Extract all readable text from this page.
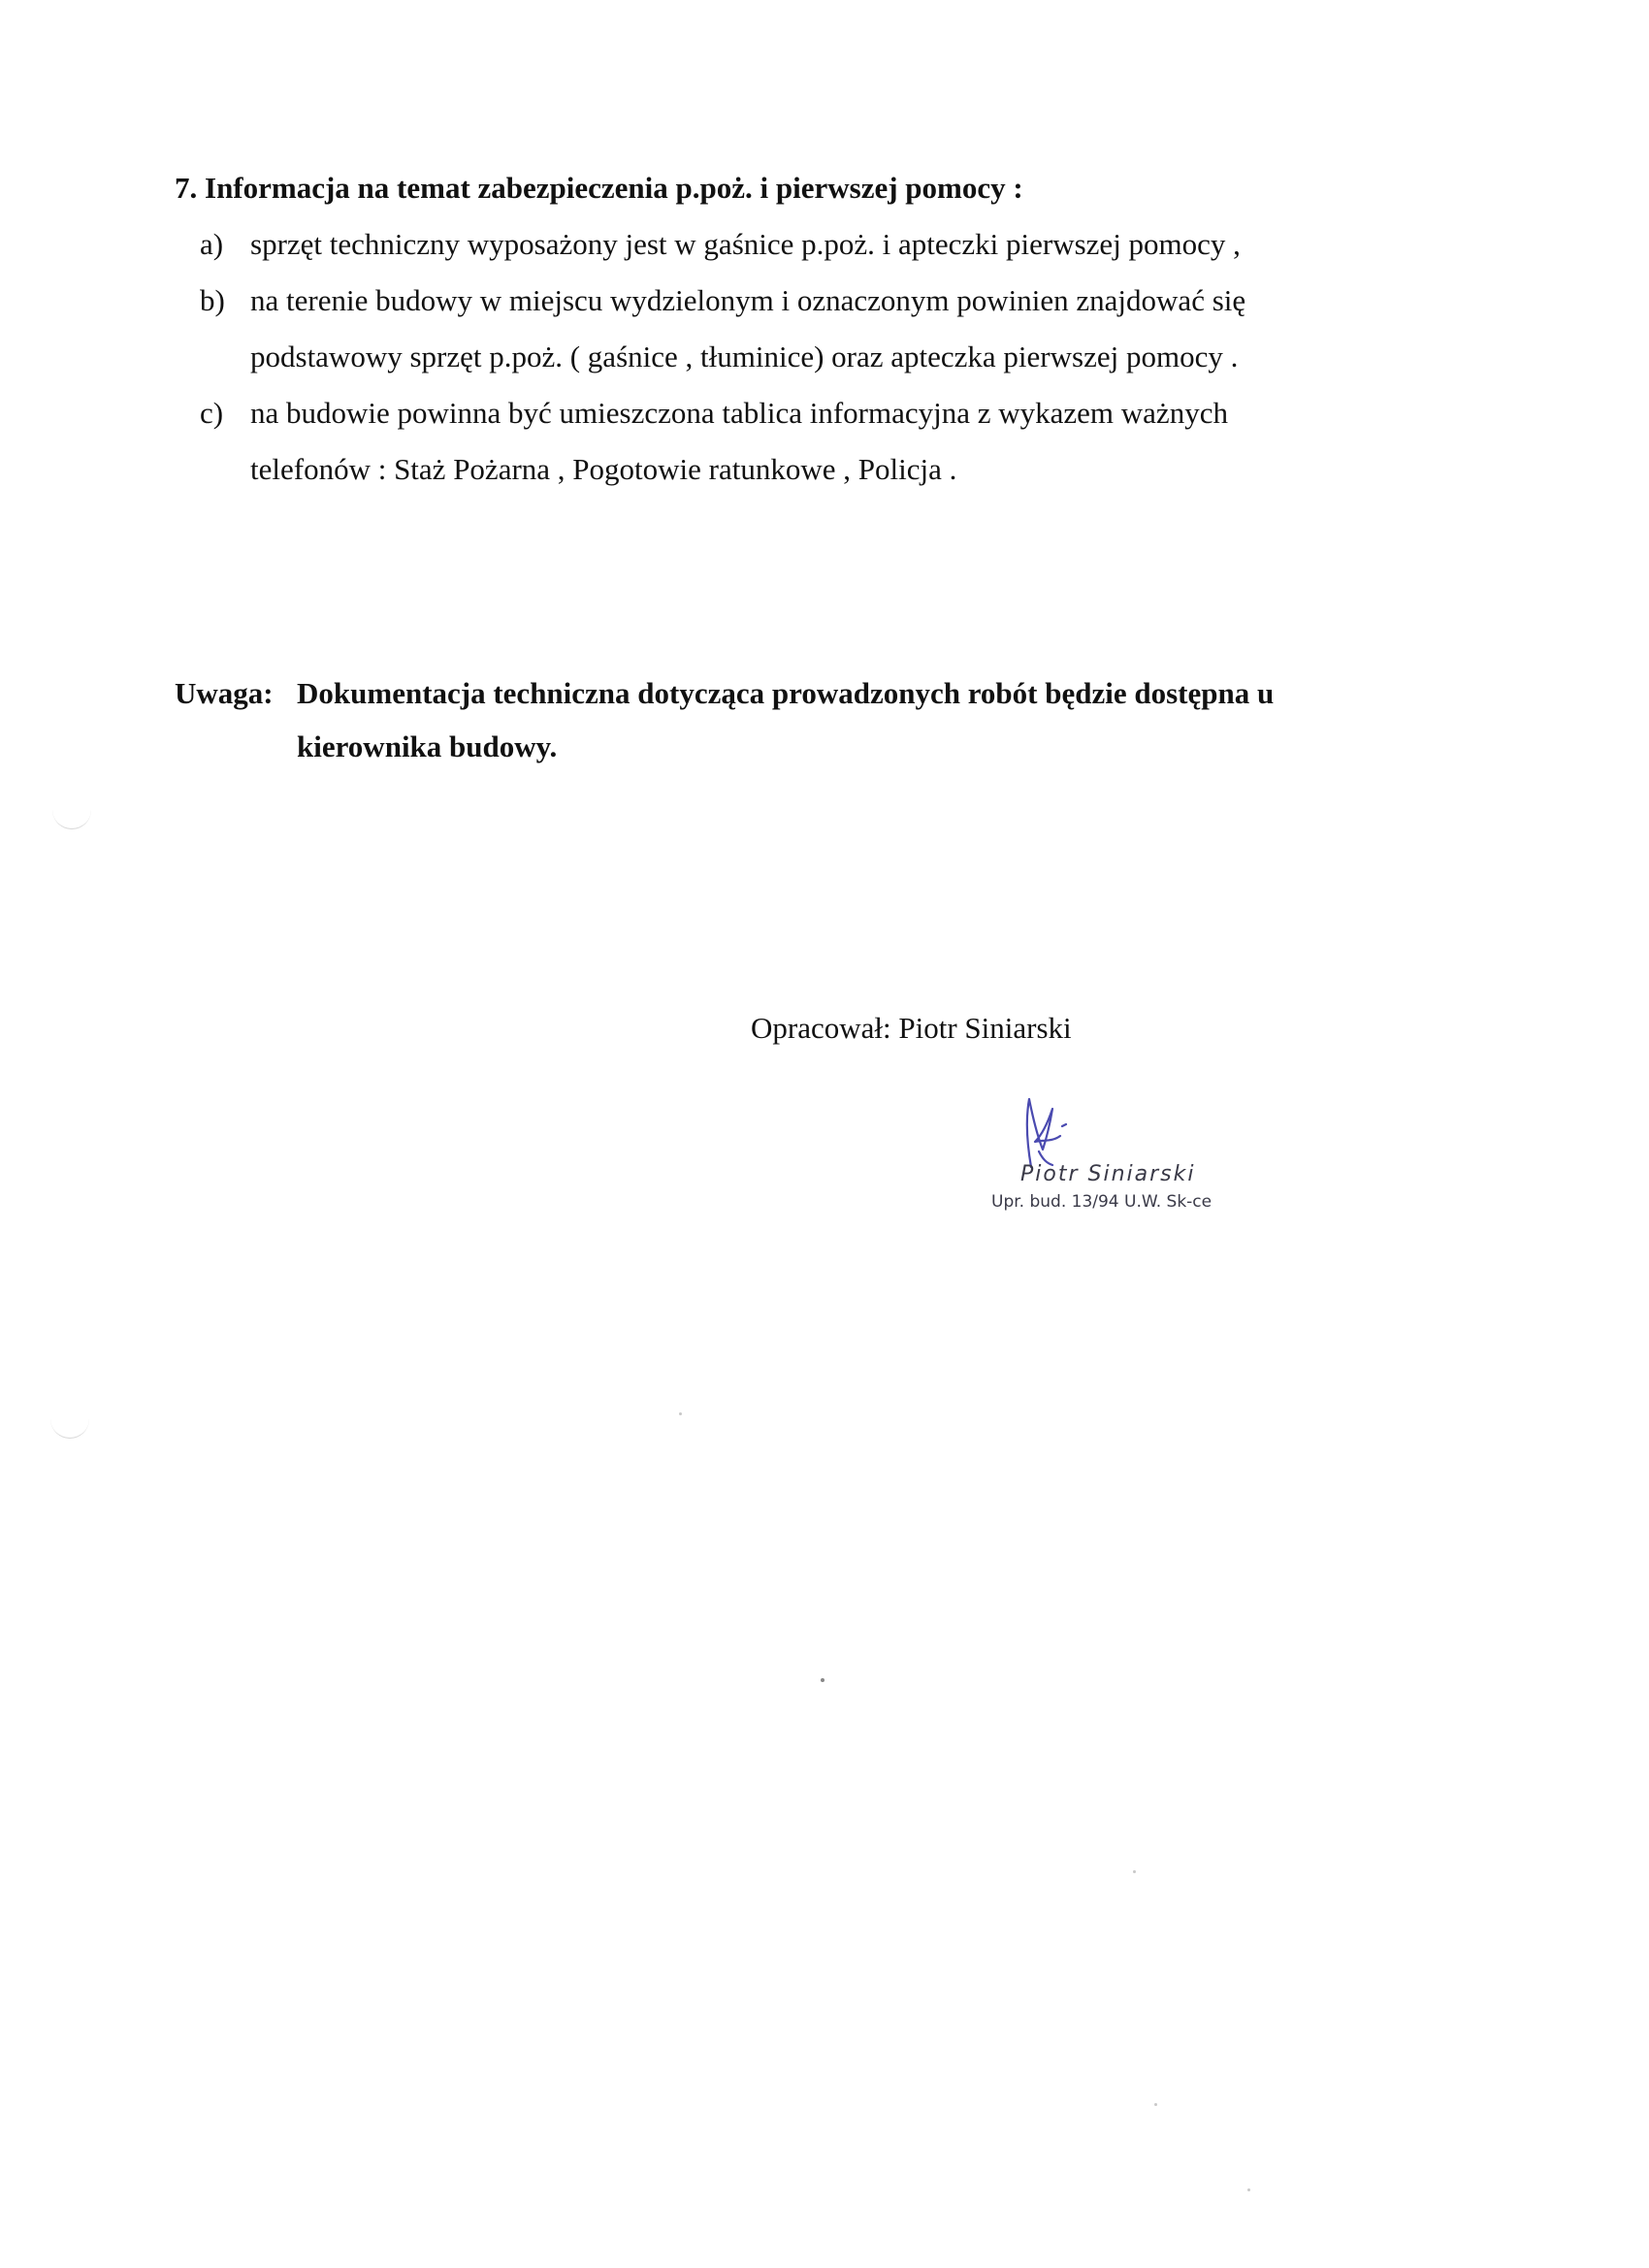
7. Informacja na temat zabezpieczenia p.poż. i pierwszej pomocy :
a) sprzęt techniczny wyposażony jest w gaśnice p.poż. i apteczki pierwszej pomocy ,
b) na terenie budowy w miejscu wydzielonym i oznaczonym powinien znajdować się
podstawowy sprzęt p.poż. ( gaśnice , tłuminice) oraz apteczka pierwszej pomocy .
c) na budowie powinna być umieszczona tablica informacyjna z wykazem ważnych
telefonów : Staż Pożarna , Pogotowie ratunkowe , Policja .
Uwaga: Dokumentacja techniczna dotycząca prowadzonych robót będzie dostępna u
kierownika budowy.
Opracował: Piotr Siniarski
Piotr Siniarski
Upr. bud. 13/94 U.W. Sk-ce
